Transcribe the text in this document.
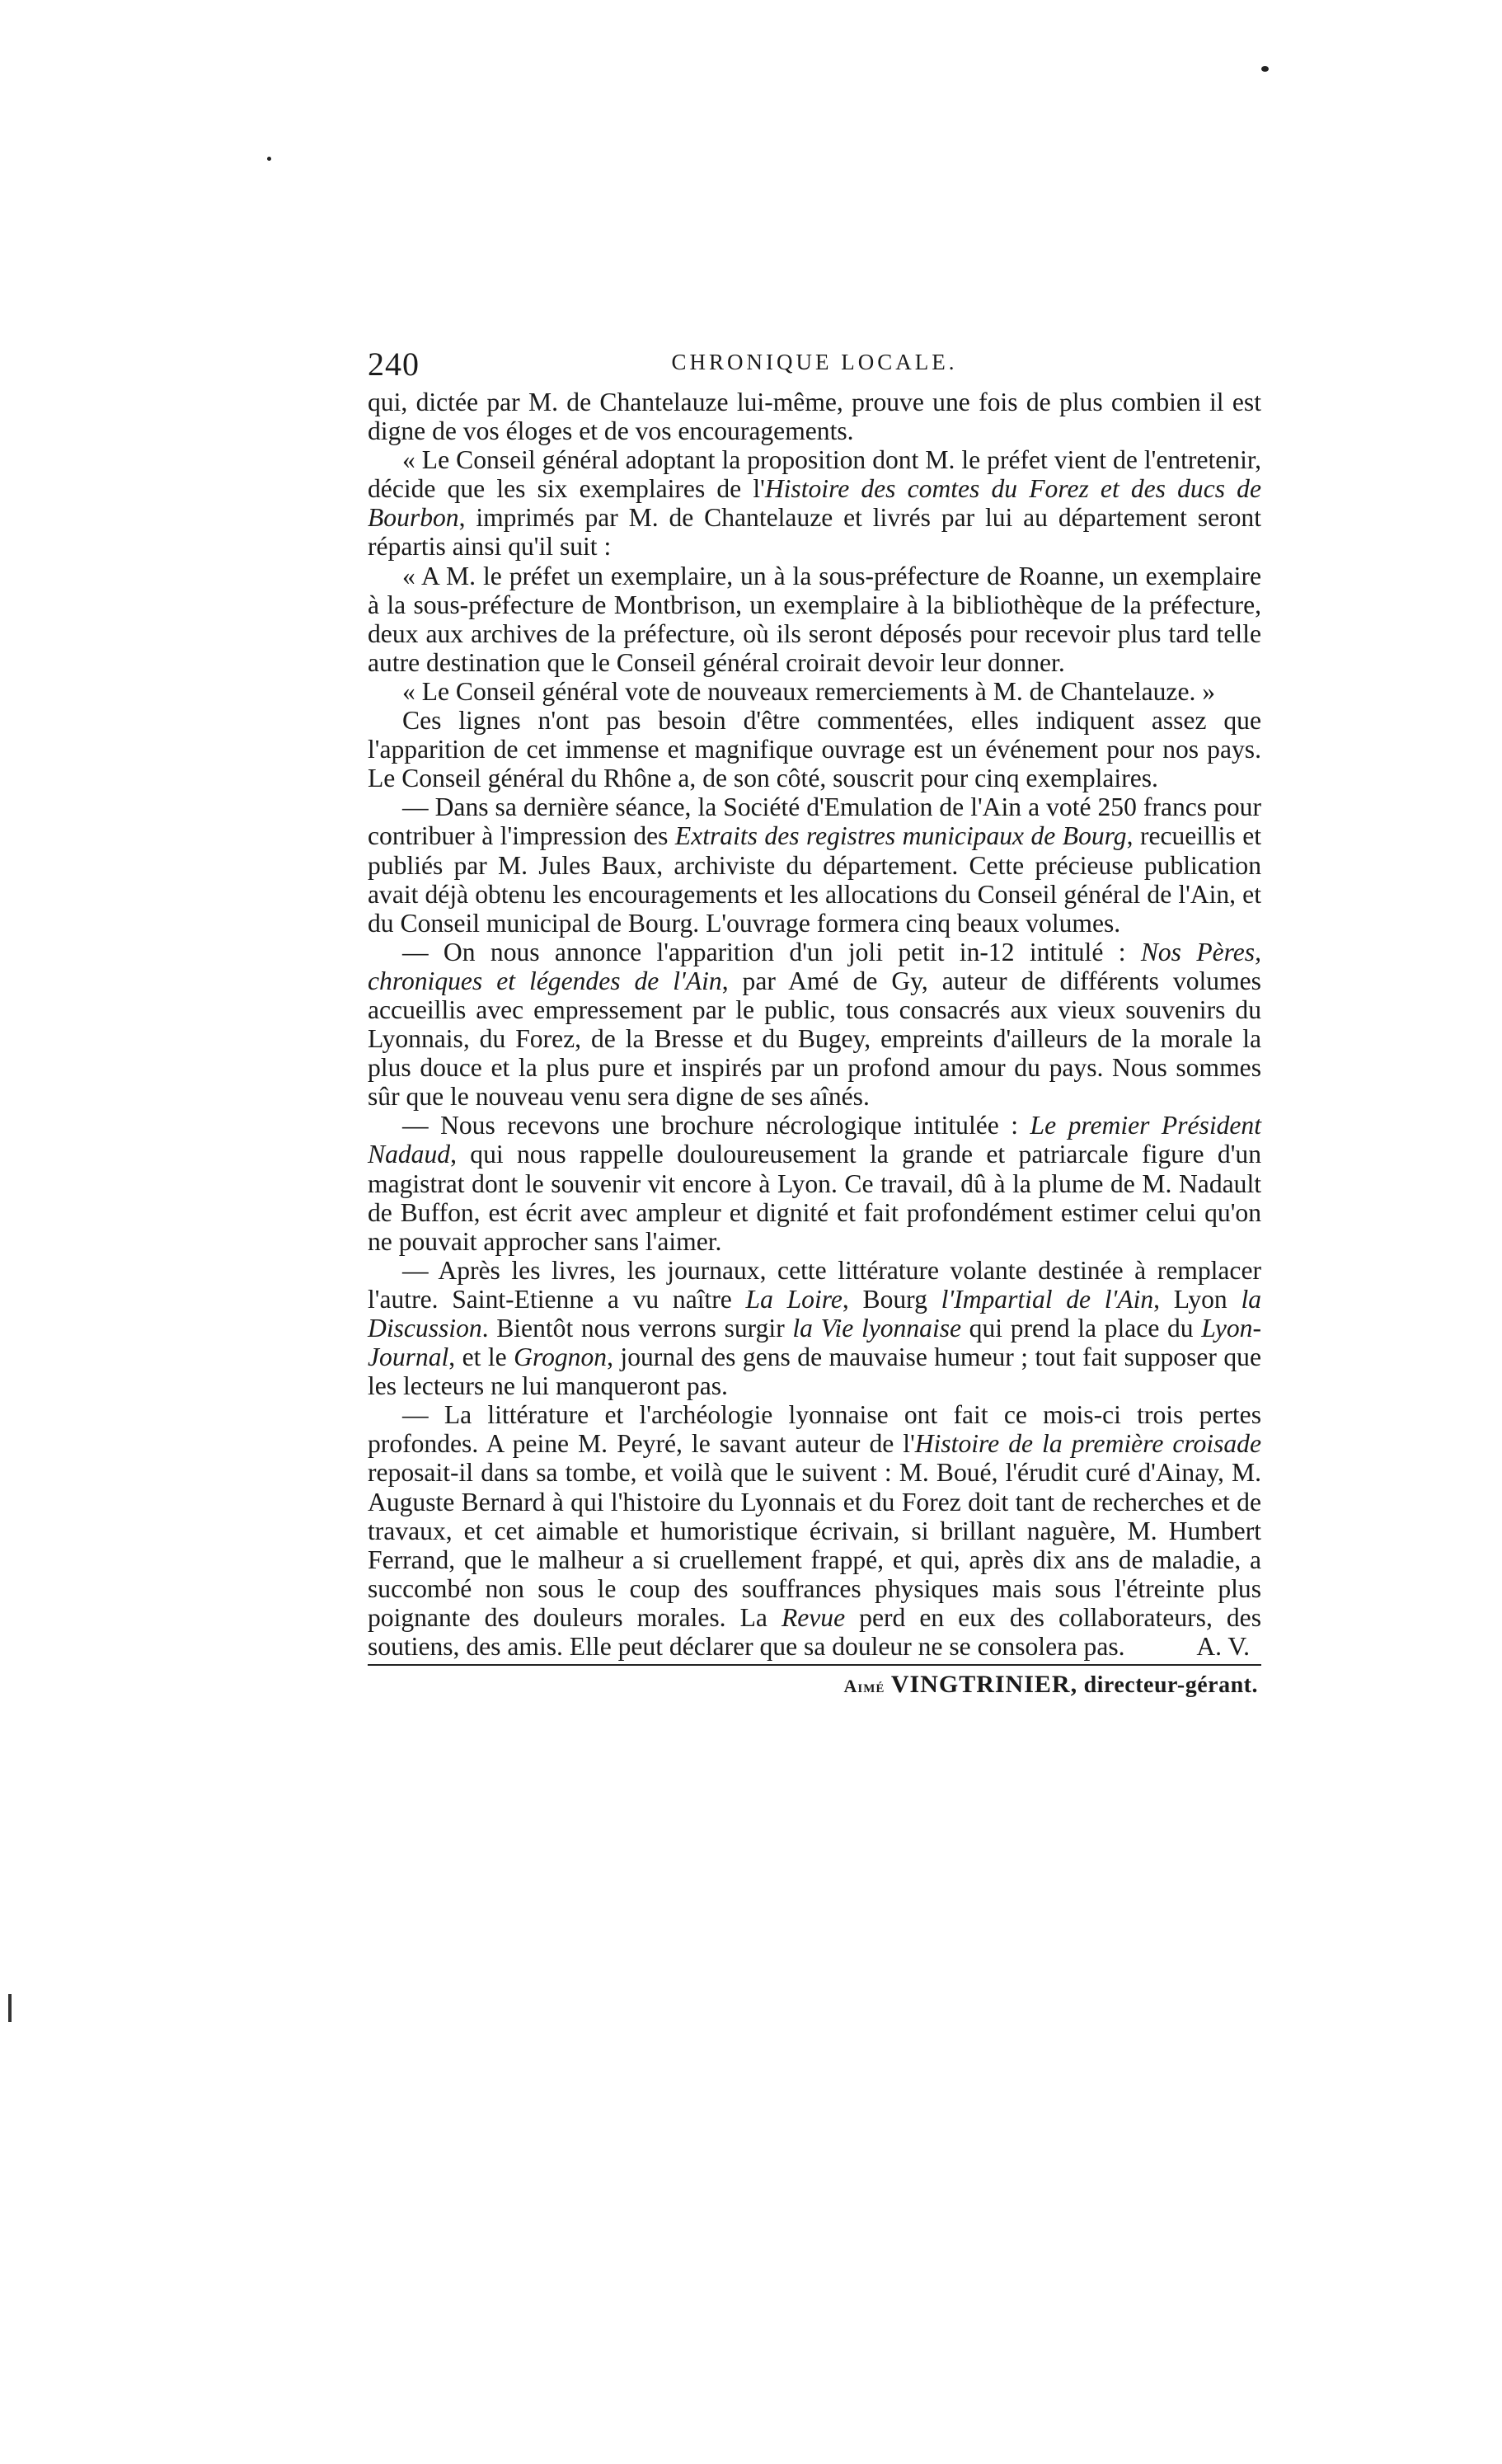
240	CHRONIQUE LOCALE.

qui, dictée par M. de Chantelauze lui-même, prouve une fois de plus combien il est digne de vos éloges et de vos encouragements.

« Le Conseil général adoptant la proposition dont M. le préfet vient de l'entretenir, décide que les six exemplaires de l'Histoire des comtes du Forez et des ducs de Bourbon, imprimés par M. de Chantelauze et livrés par lui au département seront répartis ainsi qu'il suit :

« A M. le préfet un exemplaire, un à la sous-préfecture de Roanne, un exemplaire à la sous-préfecture de Montbrison, un exemplaire à la bibliothèque de la préfecture, deux aux archives de la préfecture, où ils seront déposés pour recevoir plus tard telle autre destination que le Conseil général croirait devoir leur donner.

« Le Conseil général vote de nouveaux remerciements à M. de Chantelauze. »

Ces lignes n'ont pas besoin d'être commentées, elles indiquent assez que l'apparition de cet immense et magnifique ouvrage est un événement pour nos pays. Le Conseil général du Rhône a, de son côté, souscrit pour cinq exemplaires.

— Dans sa dernière séance, la Société d'Emulation de l'Ain a voté 250 francs pour contribuer à l'impression des Extraits des registres municipaux de Bourg, recueillis et publiés par M. Jules Baux, archiviste du département. Cette précieuse publication avait déjà obtenu les encouragements et les allocations du Conseil général de l'Ain, et du Conseil municipal de Bourg. L'ouvrage formera cinq beaux volumes.

— On nous annonce l'apparition d'un joli petit in-12 intitulé : Nos Pères, chroniques et légendes de l'Ain, par Amé de Gy, auteur de différents volumes accueillis avec empressement par le public, tous consacrés aux vieux souvenirs du Lyonnais, du Forez, de la Bresse et du Bugey, empreints d'ailleurs de la morale la plus douce et la plus pure et inspirés par un profond amour du pays. Nous sommes sûr que le nouveau venu sera digne de ses aînés.

— Nous recevons une brochure nécrologique intitulée : Le premier Président Nadaud, qui nous rappelle douloureusement la grande et patriarcale figure d'un magistrat dont le souvenir vit encore à Lyon. Ce travail, dû à la plume de M. Nadault de Buffon, est écrit avec ampleur et dignité et fait profondément estimer celui qu'on ne pouvait approcher sans l'aimer.

— Après les livres, les journaux, cette littérature volante destinée à remplacer l'autre. Saint-Etienne a vu naître La Loire, Bourg l'Impartial de l'Ain, Lyon la Discussion. Bientôt nous verrons surgir la Vie lyonnaise qui prend la place du Lyon-Journal, et le Grognon, journal des gens de mauvaise humeur ; tout fait supposer que les lecteurs ne lui manqueront pas.

— La littérature et l'archéologie lyonnaise ont fait ce mois-ci trois pertes profondes. A peine M. Peyré, le savant auteur de l'Histoire de la première croisade reposait-il dans sa tombe, et voilà que le suivent : M. Boué, l'érudit curé d'Ainay, M. Auguste Bernard à qui l'histoire du Lyonnais et du Forez doit tant de recherches et de travaux, et cet aimable et humoristique écrivain, si brillant naguère, M. Humbert Ferrand, que le malheur a si cruellement frappé, et qui, après dix ans de maladie, a succombé non sous le coup des souffrances physiques mais sous l'étreinte plus poignante des douleurs morales. La Revue perd en eux des collaborateurs, des soutiens, des amis. Elle peut déclarer que sa douleur ne se consolera pas.	A. V.

Aimé VINGTRINIER, directeur-gérant.
